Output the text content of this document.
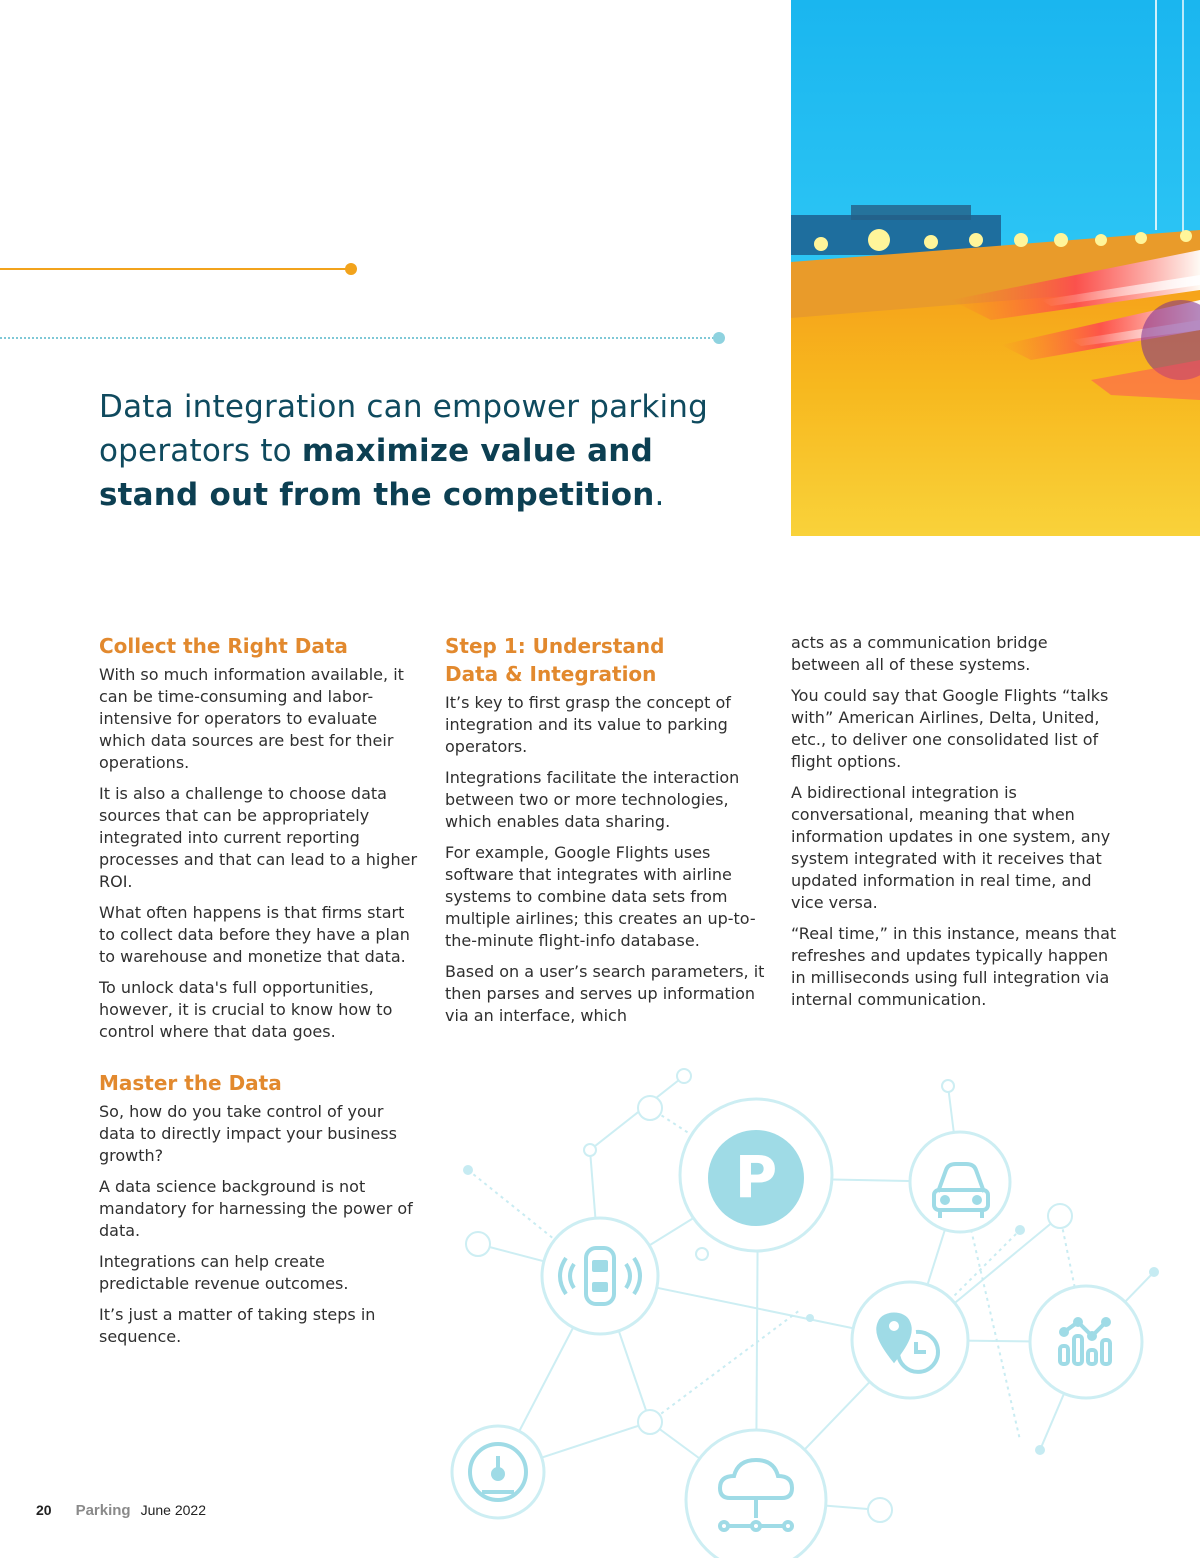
Data integration can empower parking operators to maximize value and stand out from the competition.
Collect the Right Data

With so much information available, it can be time-consuming and labor-intensive for operators to evaluate which data sources are best for their operations.

It is also a challenge to choose data sources that can be appropriately integrated into current reporting processes and that can lead to a higher ROI.

What often happens is that firms start to collect data before they have a plan to warehouse and monetize that data.

To unlock data's full opportunities, however, it is crucial to know how to control where that data goes.

Master the Data

So, how do you take control of your data to directly impact your business growth?

A data science background is not mandatory for harnessing the power of data.

Integrations can help create predictable revenue outcomes.

It’s just a matter of taking steps in sequence.

Step 1: Understand
Data & Integration

It’s key to first grasp the concept of integration and its value to parking operators.

Integrations facilitate the interaction between two or more technologies, which enables data sharing.

For example, Google Flights uses software that integrates with airline systems to combine data sets from multiple airlines; this creates an up-to-the-minute flight-info database.

Based on a user’s search parameters, it then parses and serves up information via an interface, which

acts as a communication bridge between all of these systems.

You could say that Google Flights “talks with” American Airlines, Delta, United, etc., to deliver one consolidated list of flight options.

A bidirectional integration is conversational, meaning that when information updates in one system, any system integrated with it receives that updated information in real time, and vice versa.

“Real time,” in this instance, means that refreshes and updates typically happen in milliseconds using full integration via internal communication.

P
20 Parking June 2022
